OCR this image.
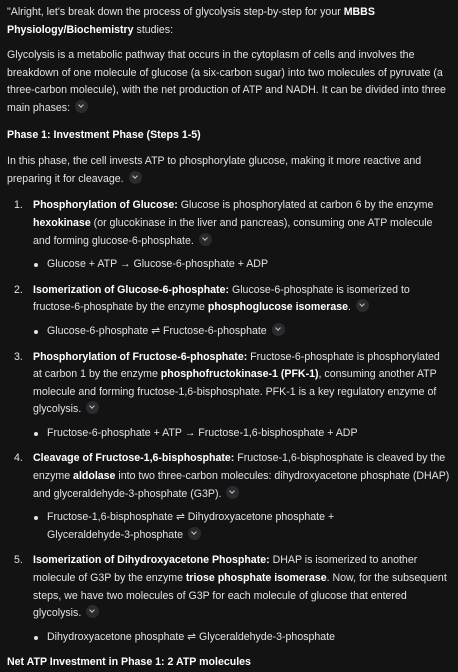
"Alright, let's break down the process of glycolysis step-by-step for your MBBS Physiology/Biochemistry studies:

Glycolysis is a metabolic pathway that occurs in the cytoplasm of cells and involves the breakdown of one molecule of glucose (a six-carbon sugar) into two molecules of pyruvate (a three-carbon molecule), with the net production of ATP and NADH. It can be divided into three main phases:

Phase 1: Investment Phase (Steps 1-5)

In this phase, the cell invests ATP to phosphorylate glucose, making it more reactive and preparing it for cleavage.

1. Phosphorylation of Glucose: Glucose is phosphorylated at carbon 6 by the enzyme hexokinase (or glucokinase in the liver and pancreas), consuming one ATP molecule and forming glucose-6-phosphate.
Glucose + ATP → Glucose-6-phosphate + ADP
2. Isomerization of Glucose-6-phosphate: Glucose-6-phosphate is isomerized to fructose-6-phosphate by the enzyme phosphoglucose isomerase.
Glucose-6-phosphate ⇌ Fructose-6-phosphate
3. Phosphorylation of Fructose-6-phosphate: Fructose-6-phosphate is phosphorylated at carbon 1 by the enzyme phosphofructokinase-1 (PFK-1), consuming another ATP molecule and forming fructose-1,6-bisphosphate. PFK-1 is a key regulatory enzyme of glycolysis.
Fructose-6-phosphate + ATP → Fructose-1,6-bisphosphate + ADP
4. Cleavage of Fructose-1,6-bisphosphate: Fructose-1,6-bisphosphate is cleaved by the enzyme aldolase into two three-carbon molecules: dihydroxyacetone phosphate (DHAP) and glyceraldehyde-3-phosphate (G3P).
Fructose-1,6-bisphosphate ⇌ Dihydroxyacetone phosphate + Glyceraldehyde-3-phosphate
5. Isomerization of Dihydroxyacetone Phosphate: DHAP is isomerized to another molecule of G3P by the enzyme triose phosphate isomerase. Now, for the subsequent steps, we have two molecules of G3P for each molecule of glucose that entered glycolysis.
Dihydroxyacetone phosphate ⇌ Glyceraldehyde-3-phosphate

Net ATP Investment in Phase 1: 2 ATP molecules
